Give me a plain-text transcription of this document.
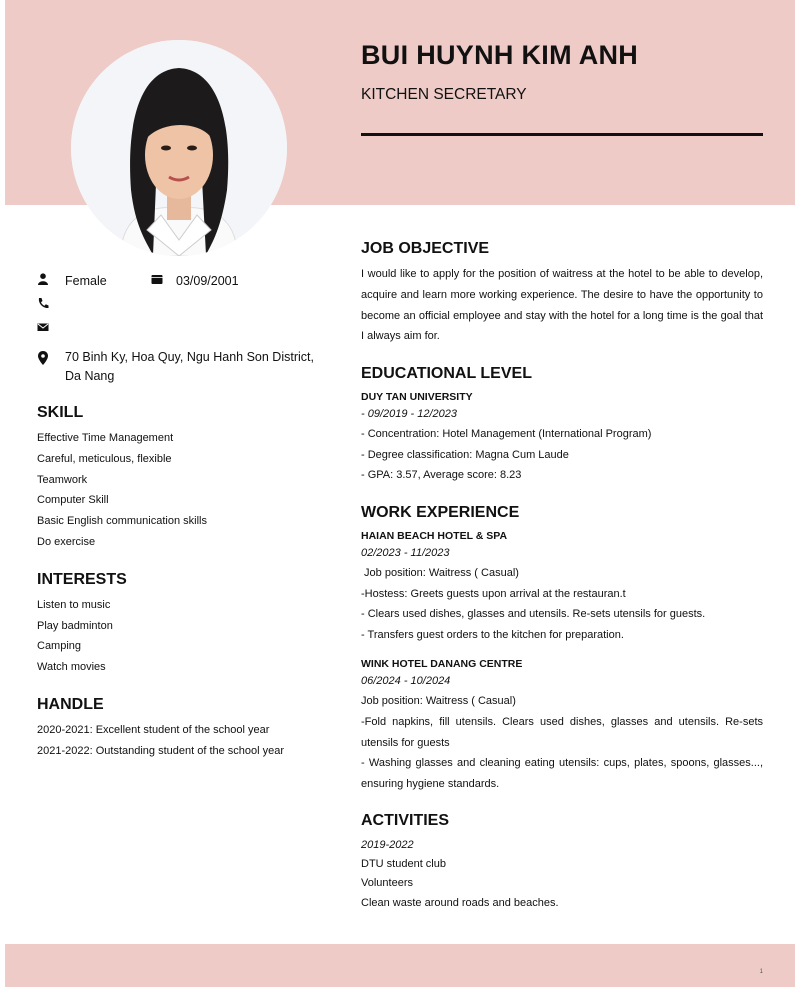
BUI HUYNH KIM ANH
KITCHEN SECRETARY
Female	03/09/2001
70 Binh Ky, Hoa Quy, Ngu Hanh Son District, Da Nang
SKILL
Effective Time Management
Careful, meticulous, flexible
Teamwork
Computer Skill
Basic English communication skills
Do exercise
INTERESTS
Listen to music
Play badminton
Camping
Watch movies
HANDLE
2020-2021: Excellent student of the school year
2021-2022: Outstanding student of the school year
JOB OBJECTIVE
I would like to apply for the position of waitress at the hotel to be able to develop, acquire and learn more working experience. The desire to have the opportunity to become an official employee and stay with the hotel for a long time is the goal that I always aim for.
EDUCATIONAL LEVEL
DUY TAN UNIVERSITY
- 09/2019 - 12/2023
- Concentration: Hotel Management (International Program)
- Degree classification: Magna Cum Laude
- GPA: 3.57, Average score: 8.23
WORK EXPERIENCE
HAIAN BEACH HOTEL & SPA
02/2023 - 11/2023
Job position: Waitress ( Casual)
-Hostess: Greets guests upon arrival at the restauran.t
- Clears used dishes, glasses and utensils. Re-sets utensils for guests.
- Transfers guest orders to the kitchen for preparation.
WINK HOTEL DANANG CENTRE
06/2024 - 10/2024
Job position: Waitress ( Casual)
-Fold napkins, fill utensils. Clears used dishes, glasses and utensils. Re-sets utensils for guests
- Washing glasses and cleaning eating utensils: cups, plates, spoons, glasses..., ensuring hygiene standards.
ACTIVITIES
2019-2022
DTU student club
Volunteers
Clean waste around roads and beaches.
1
